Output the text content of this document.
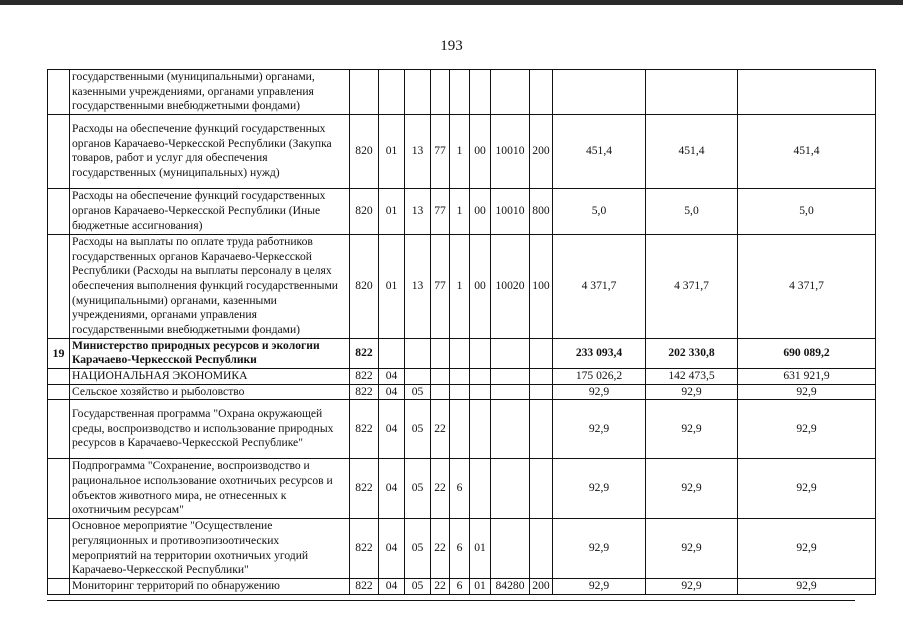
193
	государственными (муниципальными) органами, казенными учреждениями, органами управления государственными внебюджетными фондами)											
	Расходы на обеспечение функций государственных органов Карачаево-Черкесской Республики (Закупка товаров, работ и услуг для обеспечения государственных (муниципальных) нужд)	820	01	13	77	1	00	10010	200	451,4	451,4	451,4
	Расходы на обеспечение функций государственных органов Карачаево-Черкесской Республики (Иные бюджетные ассигнования)	820	01	13	77	1	00	10010	800	5,0	5,0	5,0
	Расходы на выплаты по оплате труда работников государственных органов Карачаево-Черкесской Республики (Расходы на выплаты персоналу в целях обеспечения выполнения функций государственными (муниципальными) органами, казенными учреждениями, органами управления государственными внебюджетными фондами)	820	01	13	77	1	00	10020	100	4 371,7	4 371,7	4 371,7
19	Министерство природных ресурсов и экологии Карачаево-Черкесской Республики	822								233 093,4	202 330,8	690 089,2
	НАЦИОНАЛЬНАЯ ЭКОНОМИКА	822	04							175 026,2	142 473,5	631 921,9
	Сельское хозяйство и рыболовство	822	04	05						92,9	92,9	92,9
	Государственная программа "Охрана окружающей среды, воспроизводство и использование природных ресурсов в Карачаево-Черкесской Республике"	822	04	05	22					92,9	92,9	92,9
	Подпрограмма "Сохранение, воспроизводство и рациональное использование охотничьих ресурсов и объектов животного мира, не отнесенных к охотничьим ресурсам"	822	04	05	22	6				92,9	92,9	92,9
	Основное мероприятие "Осуществление регуляционных и противоэпизоотических мероприятий на территории охотничьих угодий Карачаево-Черкесской Республики"	822	04	05	22	6	01			92,9	92,9	92,9
	Мониторинг территорий по обнаружению	822	04	05	22	6	01	84280	200	92,9	92,9	92,9
